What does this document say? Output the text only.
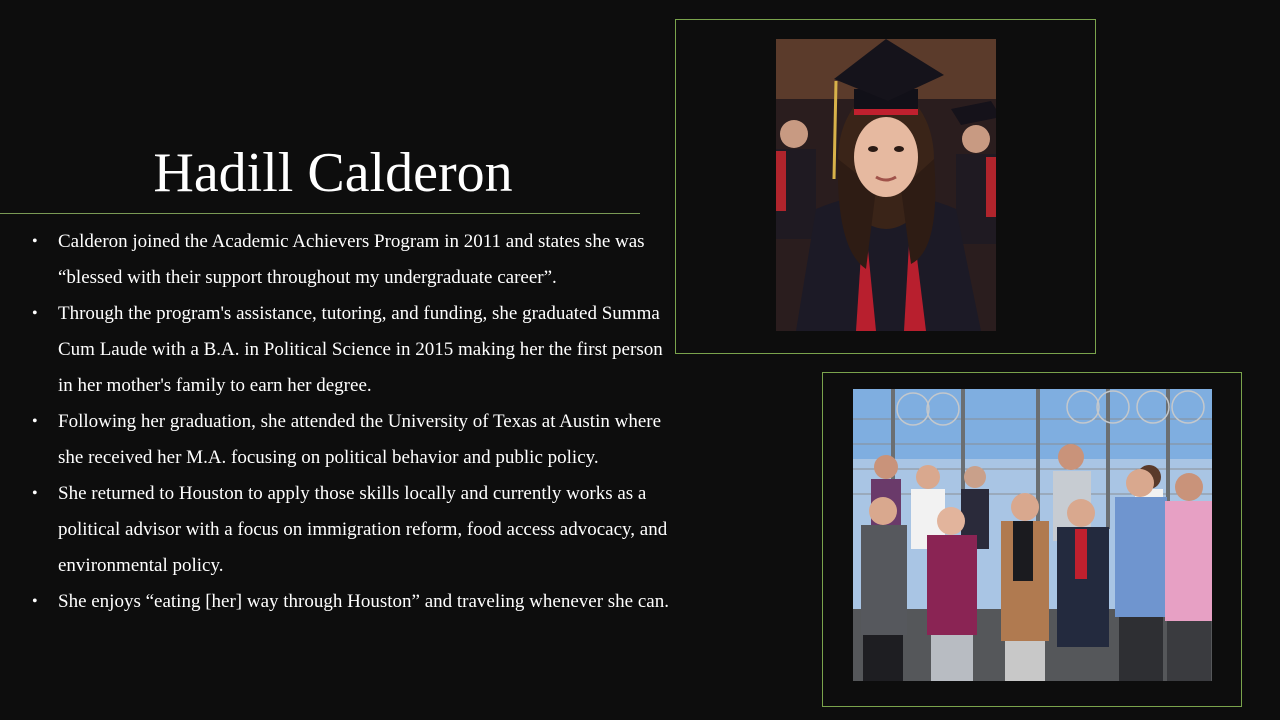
Hadill Calderon
• Calderon joined the Academic Achievers Program in 2011 and states she was “blessed with their support throughout my undergraduate career”.
• Through the program's assistance, tutoring, and funding, she graduated Summa Cum Laude with a B.A. in Political Science in 2015 making her the first person in her mother's family to earn her degree.
• Following her graduation, she attended the University of Texas at Austin where she received her M.A. focusing on political behavior and public policy.
• She returned to Houston to apply those skills locally and currently works as a political advisor with a focus on immigration reform, food access advocacy, and environmental policy.
• She enjoys “eating [her] way through Houston” and traveling whenever she can.
